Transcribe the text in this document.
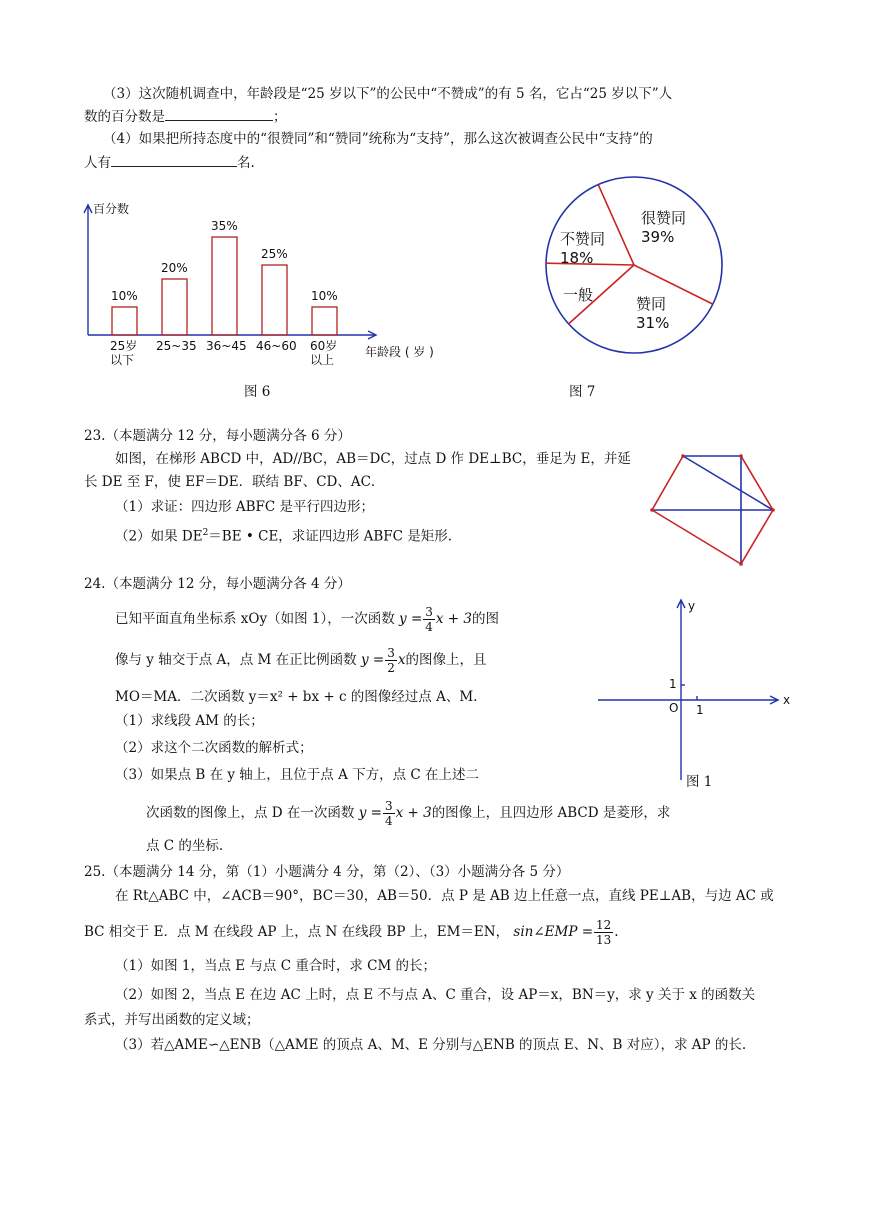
（3）这次随机调查中，年龄段是“25 岁以下”的公民中“不赞成”的有 5 名，它占“25 岁以下”人
数的百分数是	；
（4）如果把所持态度中的“很赞同”和“赞同”统称为“支持”，那么这次被调查公民中“支持”的
人有	名.
百分数
年龄段 ( 岁 )
10%
25岁
以下
20%
25~35
35%
36~45
25%
46~60
10%
60岁
以上
图 6
很赞同
39%
赞同
31%
一般
不赞同
18%
图 7
23.（本题满分 12 分，每小题满分各 6 分）
如图，在梯形 ABCD 中，AD//BC，AB＝DC，过点 D 作 DE⊥BC，垂足为 E，并延
长 DE 至 F，使 EF＝DE．联结 BF、CD、AC．
（1）求证：四边形 ABFC 是平行四边形；
（2）如果 $DE^2=BE$ • CE，求证四边形 ABFC 是矩形.
24.（本题满分 12 分，每小题满分各 4 分）
已知平面直角坐标系 xOy（如图 1），一次函数 $y = \frac{3}{4}$ x + 3的图
像与 y 轴交于点 A，点 M 在正比例函数 $y = \frac{3}{2}$ x的图像上，且
MO＝MA．二次函数 y＝x² + bx + c 的图像经过点 A、M.
（1）求线段 AM 的长；
（2）求这个二次函数的解析式；
（3）如果点 B 在 y 轴上，且位于点 A 下方，点 C 在上述二
次函数的图像上，点 D 在一次函数 $y = \frac{3}{4}$ x + 3的图像上，且四边形 ABCD 是菱形，求
点 C 的坐标.
y
x
O 1
1
图 1
25.（本题满分 14 分，第（1）小题满分 4 分，第（2）、（3）小题满分各 5 分）
在 Rt△ABC 中，∠ACB＝90°，BC＝30，AB＝50．点 P 是 AB 边上任意一点，直线 PE⊥AB，与边 AC 或
BC 相交于 E．点 M 在线段 AP 上，点 N 在线段 BP 上，EM＝EN， sin∠EMP = $\frac{12}{13}$ .
（1）如图 1，当点 E 与点 C 重合时，求 CM 的长；
（2）如图 2，当点 E 在边 AC 上时，点 E 不与点 A、C 重合，设 AP＝x，BN＝y，求 y 关于 x 的函数关
系式，并写出函数的定义域；
（3）若△AME∽△ENB（△AME 的顶点 A、M、E 分别与△ENB 的顶点 E、N、B 对应），求 AP 的长.
